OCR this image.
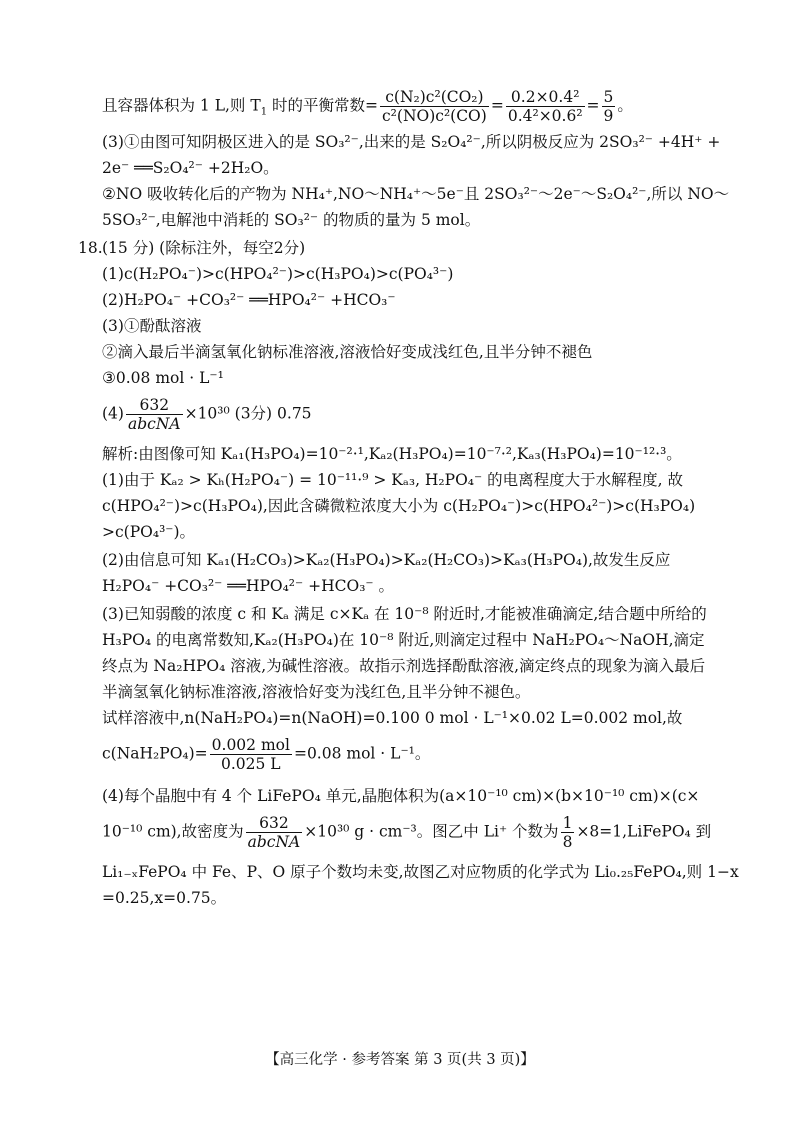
且容器体积为 1 L,则 $T_1$ 时的平衡常数= $\frac{\text{c(N₂)c²(CO₂)}}{\text{c²(NO)c²(CO)}} = \frac{\text{0.2×0.4²}}{\text{0.4²×0.6²}} = \frac{5}{9}$ 。
(3)①由图可知阴极区进入的是 SO₃²⁻,出来的是 S₂O₄²⁻,所以阴极反应为 2SO₃²⁻ +4H⁺ +
2e⁻ ══S₂O₄²⁻ +2H₂O。
②NO 吸收转化后的产物为 NH₄⁺,NO～NH₄⁺～5e⁻且 2SO₃²⁻～2e⁻～S₂O₄²⁻,所以 NO～
5SO₃²⁻,电解池中消耗的 SO₃²⁻ 的物质的量为 5 mol。
18. (15 分) (除标注外，每空2分)
(1)c(H₂PO₄⁻)>c(HPO₄²⁻)>c(H₃PO₄)>c(PO₄³⁻)
(2)H₂PO₄⁻ +CO₃²⁻ ══HPO₄²⁻ +HCO₃⁻
(3)①酚酞溶液
②滴入最后半滴氢氧化钠标准溶液,溶液恰好变成浅红色,且半分钟不褪色
③0.08 mol · L⁻¹
$(4) \frac{632}{\text{abcNA}} \times 10^{30}$ (3分) 0.75
解析:由图像可知 Kₐ₁(H₃PO₄)=10⁻²·¹,Kₐ₂(H₃PO₄)=10⁻⁷·²,Kₐ₃(H₃PO₄)=10⁻¹²·³。
(1)由于 Kₐ₂ > Kₕ(H₂PO₄⁻) = 10⁻¹¹·⁹ > Kₐ₃, H₂PO₄⁻ 的电离程度大于水解程度, 故
c(HPO₄²⁻)>c(H₃PO₄),因此含磷微粒浓度大小为 c(H₂PO₄⁻)>c(HPO₄²⁻)>c(H₃PO₄)
>c(PO₄³⁻)。
(2)由信息可知 Kₐ₁(H₂CO₃)>Kₐ₂(H₃PO₄)>Kₐ₂(H₂CO₃)>Kₐ₃(H₃PO₄),故发生反应
H₂PO₄⁻ +CO₃²⁻ ══HPO₄²⁻ +HCO₃⁻ 。
(3)已知弱酸的浓度 c 和 Kₐ 满足 c×Kₐ 在 10⁻⁸ 附近时,才能被准确滴定,结合题中所给的
H₃PO₄ 的电离常数知,Kₐ₂(H₃PO₄)在 10⁻⁸ 附近,则滴定过程中 NaH₂PO₄～NaOH,滴定
终点为 Na₂HPO₄ 溶液,为碱性溶液。故指示剂选择酚酞溶液,滴定终点的现象为滴入最后
半滴氢氧化钠标准溶液,溶液恰好变为浅红色,且半分钟不褪色。
试样溶液中,n(NaH₂PO₄)=n(NaOH)=0.100 0 mol · L⁻¹×0.02 L=0.002 mol,故
$c(NaH_2PO_4)= \frac{\text{0.002 mol}}{0.025 L} =0.08$ mol · L⁻¹。
(4)每个晶胞中有 4 个 LiFePO₄ 单元,晶胞体积为(a×10⁻¹⁰ cm)×(b×10⁻¹⁰ cm)×(c×
10⁻¹⁰ cm),故密度为 $\frac{632}{\text{abcNA}} \times 10^{30}$ g · cm⁻³。图乙中 Li⁺ 个数为 $\frac{1}{8}$ ×8=1,LiFePO₄ 到
Li₁₋ₓFePO₄ 中 Fe、P、O 原子个数均未变,故图乙对应物质的化学式为 Li₀.₂₅FePO₄,则 1−x
=0.25,x=0.75。
【高三化学 · 参考答案 第 3 页(共 3 页)】
